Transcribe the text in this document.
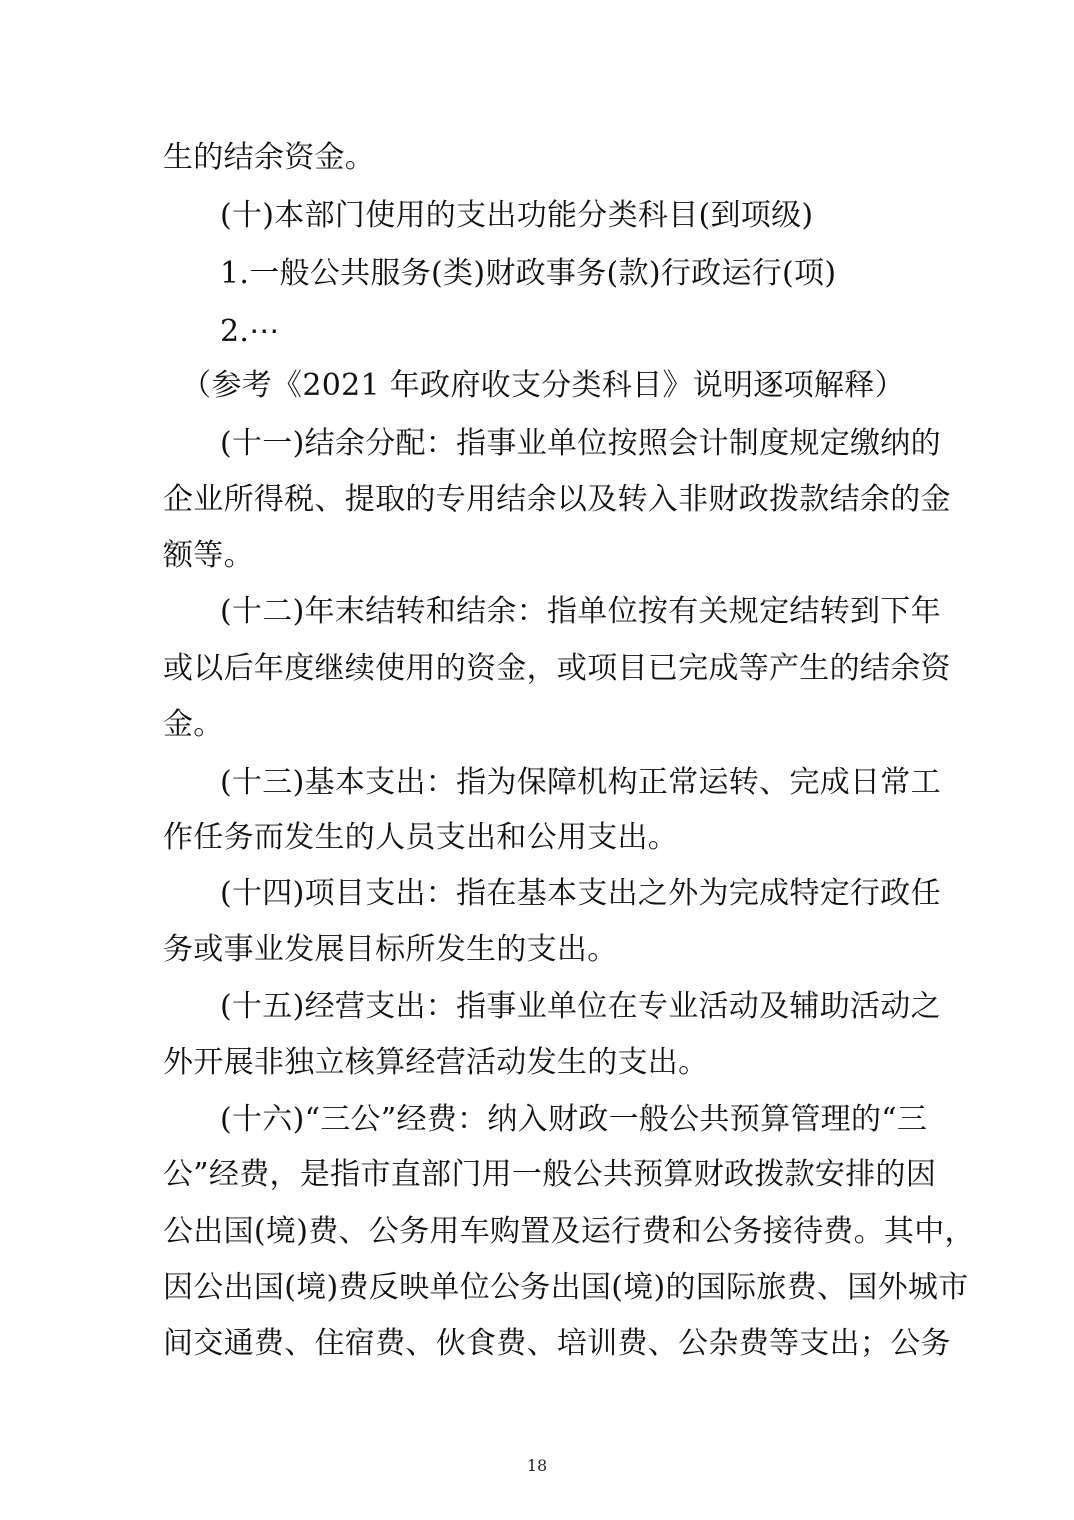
生的结余资金。
(十)本部门使用的支出功能分类科目(到项级)
1.一般公共服务(类)财政事务(款)行政运行(项)
2.⋯
（参考《2021 年政府收支分类科目》说明逐项解释）
(十一)结余分配：指事业单位按照会计制度规定缴纳的
企业所得税、提取的专用结余以及转入非财政拨款结余的金
额等。
(十二)年末结转和结余：指单位按有关规定结转到下年
或以后年度继续使用的资金，或项目已完成等产生的结余资
金。
(十三)基本支出：指为保障机构正常运转、完成日常工
作任务而发生的人员支出和公用支出。
(十四)项目支出：指在基本支出之外为完成特定行政任
务或事业发展目标所发生的支出。
(十五)经营支出：指事业单位在专业活动及辅助活动之
外开展非独立核算经营活动发生的支出。
(十六)“三公”经费：纳入财政一般公共预算管理的“三
公”经费，是指市直部门用一般公共预算财政拨款安排的因
公出国(境)费、公务用车购置及运行费和公务接待费。其中，
因公出国(境)费反映单位公务出国(境)的国际旅费、国外城市
间交通费、住宿费、伙食费、培训费、公杂费等支出；公务
18
